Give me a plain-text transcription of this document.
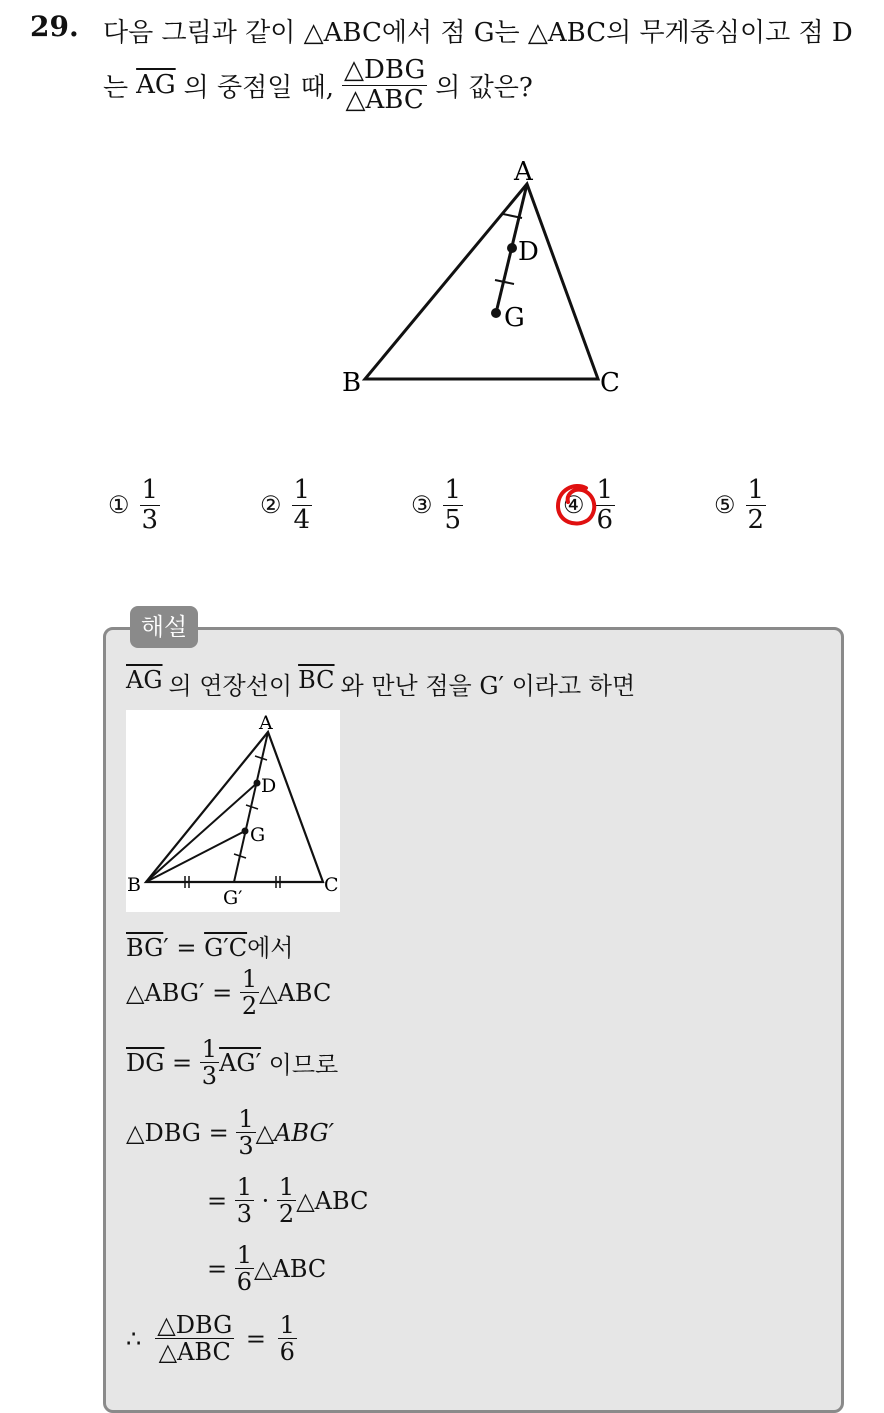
29. 다음 그림과 같이 △ABC에서 점 G는 △ABC의 무게중심이고 점 D
는 $\overline{AG}$ 의 중점일 때, $\frac{\text{△DBG}}{\text{△ABC}}$ 의 값은?
A
D
G
B	C
① $\frac{1}{3}$	② $\frac{1}{4}$	③ $\frac{1}{5}$	④ $\frac{1}{6}$	⑤ $\frac{1}{2}$
해설
$\overline{AG}$ 의 연장선이 $\overline{BC}$ 와 만난 점을 G′ 이라고 하면
A
D
G
B	C
G′
$\overline{BG}' = G'C$에서
△ABG′ = $\frac{1}{2}$ △ABC
$\overline{DG} = \frac{1}{3} AG'$ 이므로
△DBG = $\frac{1}{3}$ △ABG′
= $\frac{1}{3} \cdot \frac{1}{2}$ △ABC
= $\frac{1}{6}$ △ABC
∴ $\frac{\text{△DBG}}{\text{△ABC}} = \frac{1}{6}$
